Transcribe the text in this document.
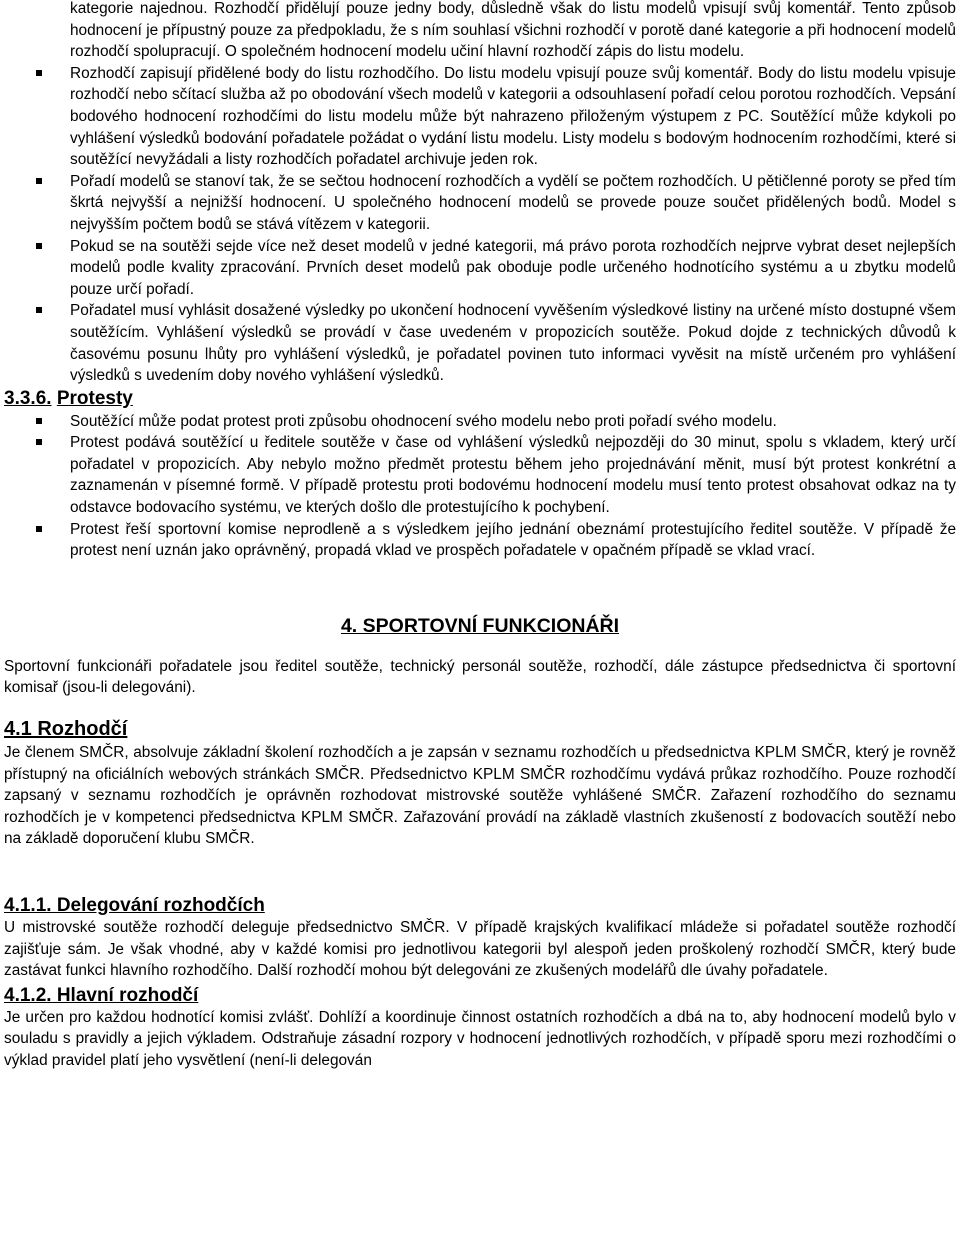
kategorie najednou. Rozhodčí přidělují pouze jedny body, důsledně však do listu modelů vpisují svůj komentář. Tento způsob hodnocení je přípustný pouze za předpokladu, že s ním souhlasí všichni rozhodčí v porotě dané kategorie a při hodnocení modelů rozhodčí spolupracují. O společném hodnocení modelu učiní hlavní rozhodčí zápis do listu modelu.

Rozhodčí zapisují přidělené body do listu rozhodčího. Do listu modelu vpisují pouze svůj komentář. Body do listu modelu vpisuje rozhodčí nebo sčítací služba až po obodování všech modelů v kategorii a odsouhlasení pořadí celou porotou rozhodčích. Vepsání bodového hodnocení rozhodčími do listu modelu může být nahrazeno přiloženým výstupem z PC. Soutěžící může kdykoli po vyhlášení výsledků bodování pořadatele požádat o vydání listu modelu. Listy modelu s bodovým hodnocením rozhodčími, které si soutěžící nevyžádali a listy rozhodčích pořadatel archivuje jeden rok.
Pořadí modelů se stanoví tak, že se sečtou hodnocení rozhodčích a vydělí se počtem rozhodčích. U pětičlenné poroty se před tím škrtá nejvyšší a nejnižší hodnocení. U společného hodnocení modelů se provede pouze součet přidělených bodů. Model s nejvyšším počtem bodů se stává vítězem v kategorii.
Pokud se na soutěži sejde více než deset modelů v jedné kategorii, má právo porota rozhodčích nejprve vybrat deset nejlepších modelů podle kvality zpracování. Prvních deset modelů pak oboduje podle určeného hodnotícího systému a u zbytku modelů pouze určí pořadí.
Pořadatel musí vyhlásit dosažené výsledky po ukončení hodnocení vyvěšením výsledkové listiny na určené místo dostupné všem soutěžícím. Vyhlášení výsledků se provádí v čase uvedeném v propozicích soutěže. Pokud dojde z technických důvodů k časovému posunu lhůty pro vyhlášení výsledků, je pořadatel povinen tuto informaci vyvěsit na místě určeném pro vyhlášení výsledků s uvedením doby nového vyhlášení výsledků.
3.3.6. Protesty
Soutěžící může podat protest proti způsobu ohodnocení svého modelu nebo proti pořadí svého modelu.
Protest podává soutěžící u ředitele soutěže v čase od vyhlášení výsledků nejpozději do 30 minut, spolu s vkladem, který určí pořadatel v propozicích. Aby nebylo možno předmět protestu během jeho projednávání měnit, musí být protest konkrétní a zaznamenán v písemné formě. V případě protestu proti bodovému hodnocení modelu musí tento protest obsahovat odkaz na ty odstavce bodovacího systému, ve kterých došlo dle protestujícího k pochybení.
Protest řeší sportovní komise neprodleně a s výsledkem jejího jednání obeznámí protestujícího ředitel soutěže. V případě že protest není uznán jako oprávněný, propadá vklad ve prospěch pořadatele v opačném případě se vklad vrací.
4. SPORTOVNÍ FUNKCIONÁŘI

Sportovní funkcionáři pořadatele jsou ředitel soutěže, technický personál soutěže, rozhodčí, dále zástupce předsednictva či sportovní komisař (jsou-li delegováni).

4.1 Rozhodčí

Je členem SMČR, absolvuje základní školení rozhodčích a je zapsán v seznamu rozhodčích u předsednictva KPLM SMČR, který je rovněž přístupný na oficiálních webových stránkách SMČR. Předsednictvo KPLM SMČR rozhodčímu vydává průkaz rozhodčího. Pouze rozhodčí zapsaný v seznamu rozhodčích je oprávněn rozhodovat mistrovské soutěže vyhlášené SMČR. Zařazení rozhodčího do seznamu rozhodčích je v kompetenci předsednictva KPLM SMČR. Zařazování provádí na základě vlastních zkušeností z bodovacích soutěží nebo na základě doporučení klubu SMČR.

4.1.1. Delegování rozhodčích

U mistrovské soutěže rozhodčí deleguje předsednictvo SMČR. V případě krajských kvalifikací mládeže si pořadatel soutěže rozhodčí zajišťuje sám. Je však vhodné, aby v každé komisi pro jednotlivou kategorii byl alespoň jeden proškolený rozhodčí SMČR, který bude zastávat funkci hlavního rozhodčího. Další rozhodčí mohou být delegováni ze zkušených modelářů dle úvahy pořadatele.

4.1.2. Hlavní rozhodčí

Je určen pro každou hodnotící komisi zvlášť. Dohlíží a koordinuje činnost ostatních rozhodčích a dbá na to, aby hodnocení modelů bylo v souladu s pravidly a jejich výkladem. Odstraňuje zásadní rozpory v hodnocení jednotlivých rozhodčích, v případě sporu mezi rozhodčími o výklad pravidel platí jeho vysvětlení (není-li delegován
